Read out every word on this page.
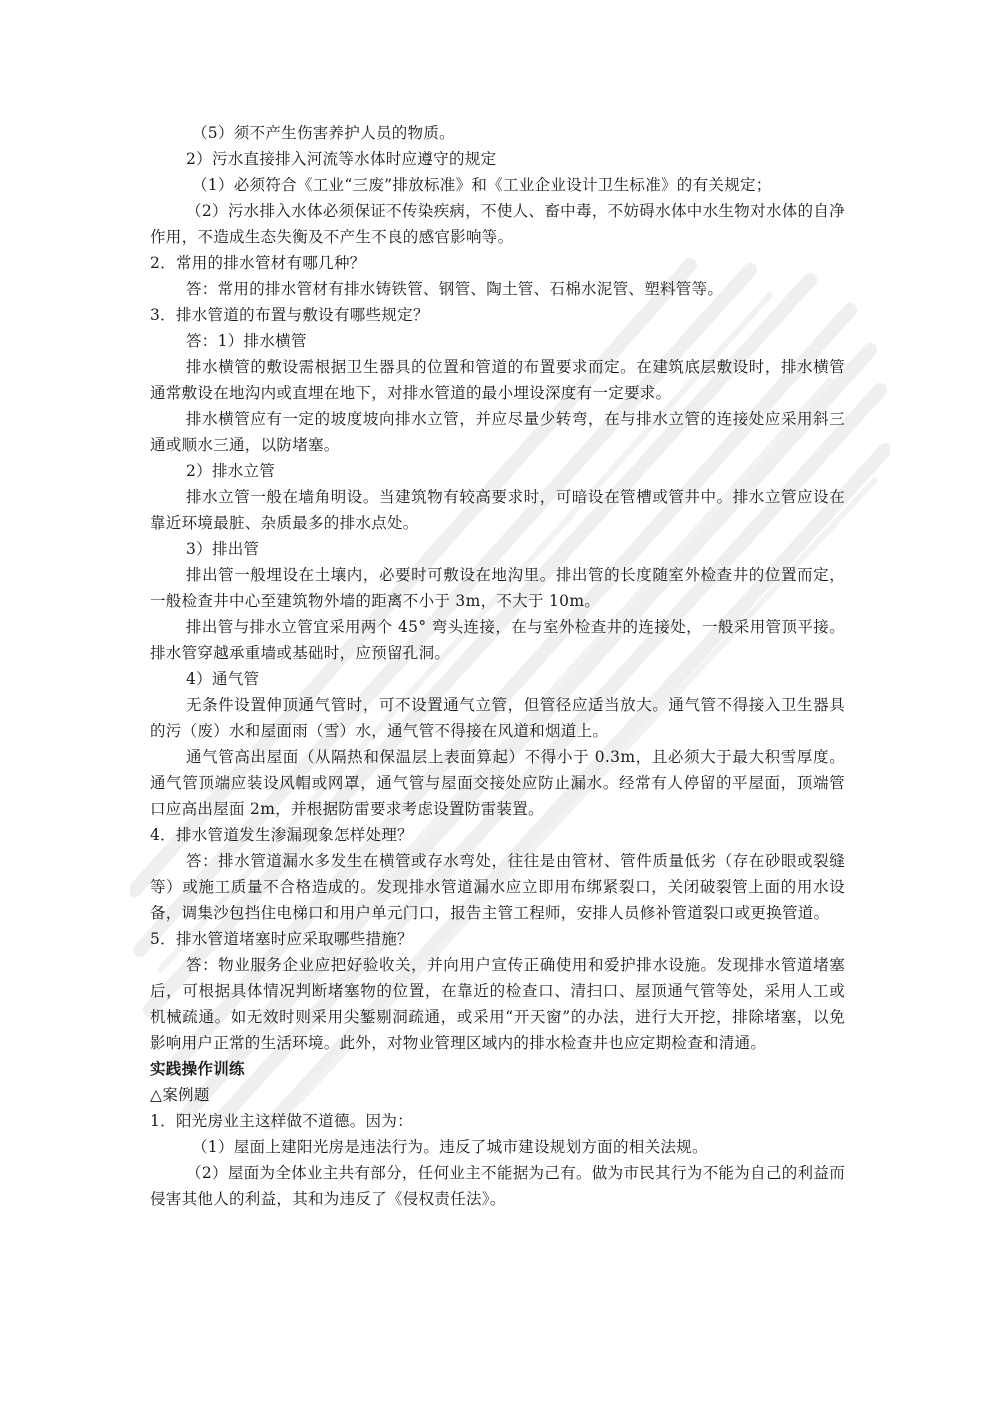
（5）须不产生伤害养护人员的物质。

2）污水直接排入河流等水体时应遵守的规定

（1）必须符合《工业“三废”排放标准》和《工业企业设计卫生标准》的有关规定；

（2）污水排入水体必须保证不传染疾病，不使人、畜中毒，不妨碍水体中水生物对水体的自净作用，不造成生态失衡及不产生不良的感官影响等。

2．常用的排水管材有哪几种？

答：常用的排水管材有排水铸铁管、钢管、陶土管、石棉水泥管、塑料管等。

3．排水管道的布置与敷设有哪些规定？

答：1）排水横管

排水横管的敷设需根据卫生器具的位置和管道的布置要求而定。在建筑底层敷设时，排水横管通常敷设在地沟内或直埋在地下，对排水管道的最小埋设深度有一定要求。

排水横管应有一定的坡度坡向排水立管，并应尽量少转弯，在与排水立管的连接处应采用斜三通或顺水三通，以防堵塞。

2）排水立管

排水立管一般在墙角明设。当建筑物有较高要求时，可暗设在管槽或管井中。排水立管应设在靠近环境最脏、杂质最多的排水点处。

3）排出管

排出管一般埋设在土壤内，必要时可敷设在地沟里。排出管的长度随室外检查井的位置而定，一般检查井中心至建筑物外墙的距离不小于 3m，不大于 10m。

排出管与排水立管宜采用两个 45° 弯头连接，在与室外检查井的连接处，一般采用管顶平接。排水管穿越承重墙或基础时，应预留孔洞。

4）通气管

无条件设置伸顶通气管时，可不设置通气立管，但管径应适当放大。通气管不得接入卫生器具的污（废）水和屋面雨（雪）水，通气管不得接在风道和烟道上。

通气管高出屋面（从隔热和保温层上表面算起）不得小于 0.3m，且必须大于最大积雪厚度。通气管顶端应装设风帽或网罩，通气管与屋面交接处应防止漏水。经常有人停留的平屋面，顶端管口应高出屋面 2m，并根据防雷要求考虑设置防雷装置。

4．排水管道发生渗漏现象怎样处理？

答：排水管道漏水多发生在横管或存水弯处，往往是由管材、管件质量低劣（存在砂眼或裂缝等）或施工质量不合格造成的。发现排水管道漏水应立即用布绑紧裂口，关闭破裂管上面的用水设备，调集沙包挡住电梯口和用户单元门口，报告主管工程师，安排人员修补管道裂口或更换管道。

5．排水管道堵塞时应采取哪些措施？

答：物业服务企业应把好验收关，并向用户宣传正确使用和爱护排水设施。发现排水管道堵塞后，可根据具体情况判断堵塞物的位置，在靠近的检查口、清扫口、屋顶通气管等处，采用人工或机械疏通。如无效时则采用尖錾剔洞疏通，或采用“开天窗”的办法，进行大开挖，排除堵塞，以免影响用户正常的生活环境。此外，对物业管理区域内的排水检查井也应定期检查和清通。

实践操作训练

△案例题

1．阳光房业主这样做不道德。因为：

（1）屋面上建阳光房是违法行为。违反了城市建设规划方面的相关法规。

（2）屋面为全体业主共有部分，任何业主不能据为己有。做为市民其行为不能为自己的利益而侵害其他人的利益，其和为违反了《侵权责任法》。
